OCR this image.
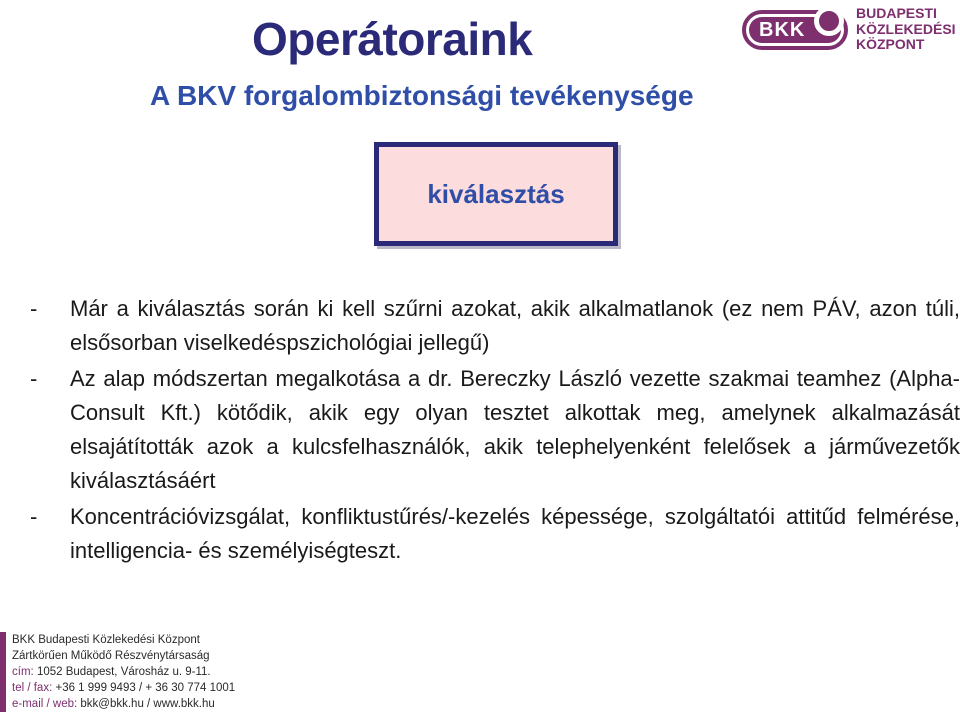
Operátoraink
A BKV forgalombiztonsági tevékenysége
BKK
BUDAPESTI
KÖZLEKEDÉSI
KÖZPONT
kiválasztás
- Már a kiválasztás során ki kell szűrni azokat, akik alkalmatlanok (ez nem PÁV, azon túli, elsősorban viselkedéspszichológiai jellegű)
- Az alap módszertan megalkotása a dr. Bereczky László vezette szakmai teamhez (Alpha-Consult Kft.) kötődik, akik egy olyan tesztet alkottak meg, amelynek alkalmazását elsajátították azok a kulcsfelhasználók, akik telephelyenként felelősek a járművezetők kiválasztásáért
- Koncentrációvizsgálat, konfliktustűrés/-kezelés képessége, szolgáltatói attitűd felmérése, intelligencia- és személyiségteszt.
BKK Budapesti Közlekedési Központ
Zártkörűen Működő Részvénytársaság
cím: 1052 Budapest, Városház u. 9-11.
tel / fax: +36 1 999 9493 / + 36 30 774 1001
e-mail / web: bkk@bkk.hu / www.bkk.hu
